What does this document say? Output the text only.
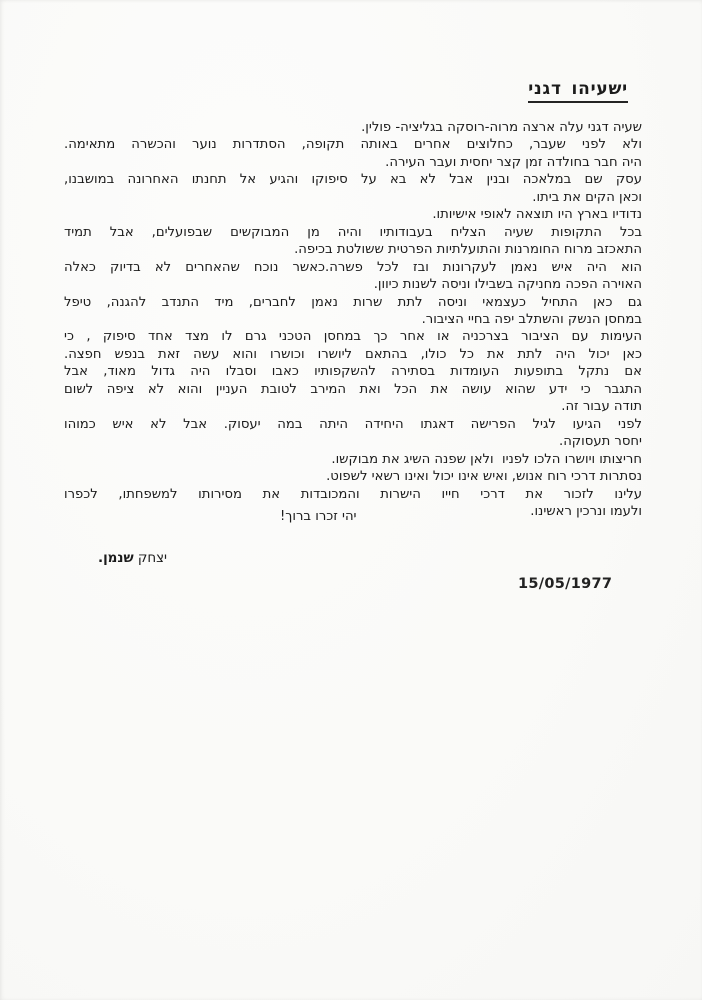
ישעיהו דגני
שעיה דגני עלה ארצה מרוה-רוסקה בגליציה- פולין.
ולא לפני שעבר, כחלוצים אחרים באותה תקופה, הסתדרות נוער והכשרה מתאימה.
היה חבר בחולדה זמן קצר יחסית ועבר העירה.
עסק שם במלאכה ובנין אבל לא בא על סיפוקו והגיע אל תחנתו האחרונה במושבנו,
וכאן הקים את ביתו.
נדודיו בארץ היו תוצאה לאופי אישיותו.
בכל התקופות שעיה הצליח בעבודותיו והיה מן המבוקשים שבפועלים, אבל תמיד
התאכזב מרוח החומרנות והתועלתיות הפרטית ששולטת בכיפה.
הוא היה איש נאמן לעקרונות ובז לכל פשרה.כאשר נוכח שהאחרים לא בדיוק כאלה
האוירה הפכה מחניקה בשבילו וניסה לשנות כיוון.
גם כאן התחיל כעצמאי וניסה לתת שרות נאמן לחברים, מיד התנדב להגנה, טיפל
במחסן הנשק והשתלב יפה בחיי הציבור.
העימות עם הציבור בצרכניה או אחר כך במחסן הטכני גרם לו מצד אחד סיפוק , כי
כאן יכול היה לתת את כל כולו, בהתאם ליושרו וכושרו והוא עשה זאת בנפש חפצה.
אם נתקל בתופעות העומדות בסתירה להשקפותיו כאבו וסבלו היה גדול מאוד, אבל
התגבר כי ידע שהוא עושה את הכל ואת המירב לטובת העניין והוא לא ציפה לשום
תודה עבור זה.
לפני הגיעו לגיל הפרישה דאגתו היחידה היתה במה יעסוק. אבל לא איש כמוהו
יחסר תעסוקה.
חריצותו ויושרו הלכו לפניו  ולאן שפנה השיג את מבוקשו.
נסתרות דרכי רוח אנוש, ואיש אינו יכול ואינו רשאי לשפוט.
עלינו לזכור את דרכי חייו הישרות והמכובדות את מסירותו למשפחתו, לכפרו
ולעמו ונרכין ראשינו.
יהי זכרו ברוך!
יצחק שנמן.
15/05/1977
